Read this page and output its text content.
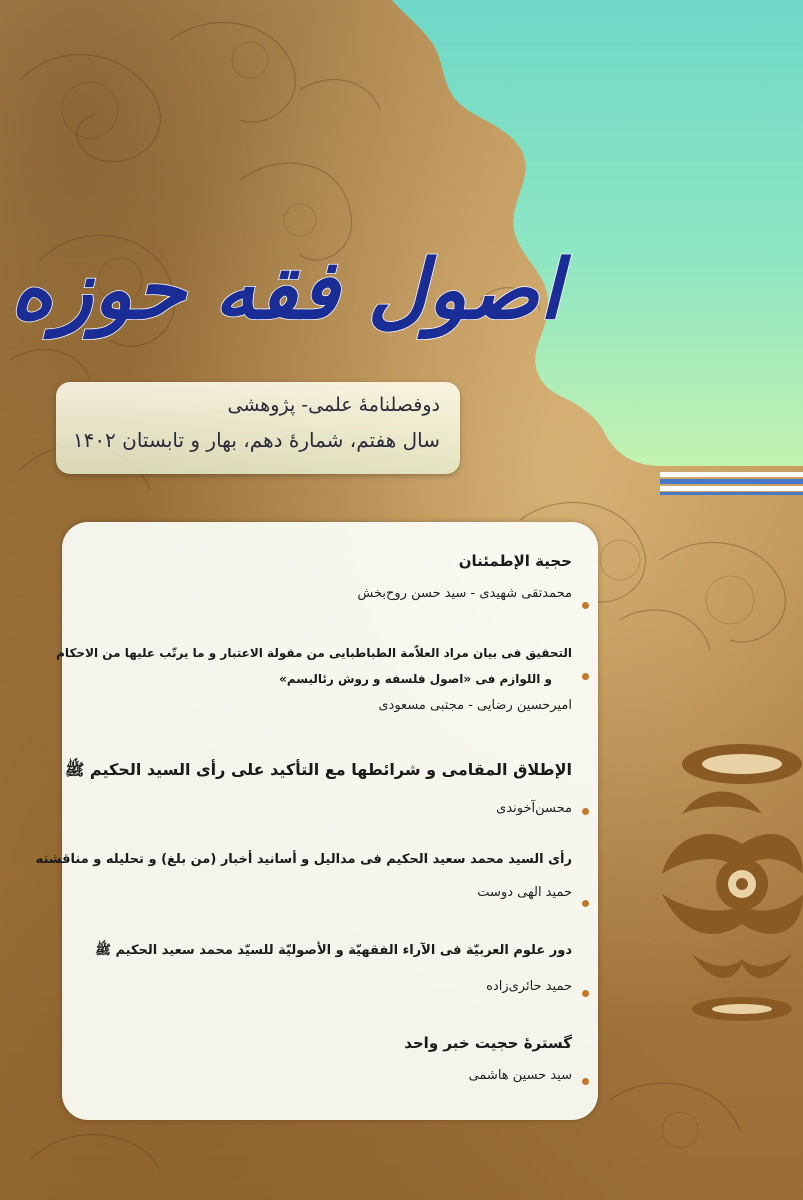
اصول فقه حوزه
دوفصلنامۀ علمی- پژوهشی
سال هفتم، شمارۀ دهم، بهار و تابستان ۱۴۰۲
حجیة الإطمئنان
محمدتقی شهیدی - سید حسن روح‌بخش
التحقیق فی بیان مراد العلاّمة الطباطبایی من مقولة الاعتبار و ما یرتّب علیها من الاحکام
و اللوازم فی «اصول فلسفه و روش رئالیسم»
امیرحسین رضایی - مجتبی مسعودی
الإطلاق المقامی و شرائطها مع التأکید علی رأی السید الحکیم ﷺ
محسن‌آخوندی
رأی السید محمد سعید الحکیم فی مدالیل و أسانید أخبار (من بلغ) و تحلیله و مناقشته
حمید الهی دوست
دور علوم العربیّة فی الآراء الفقهیّة و الأصولیّة للسیّد محمد سعید الحکیم ﷺ
حمید حائری‌زاده
گسترۀ حجیت خبر واحد
سید حسین هاشمی
